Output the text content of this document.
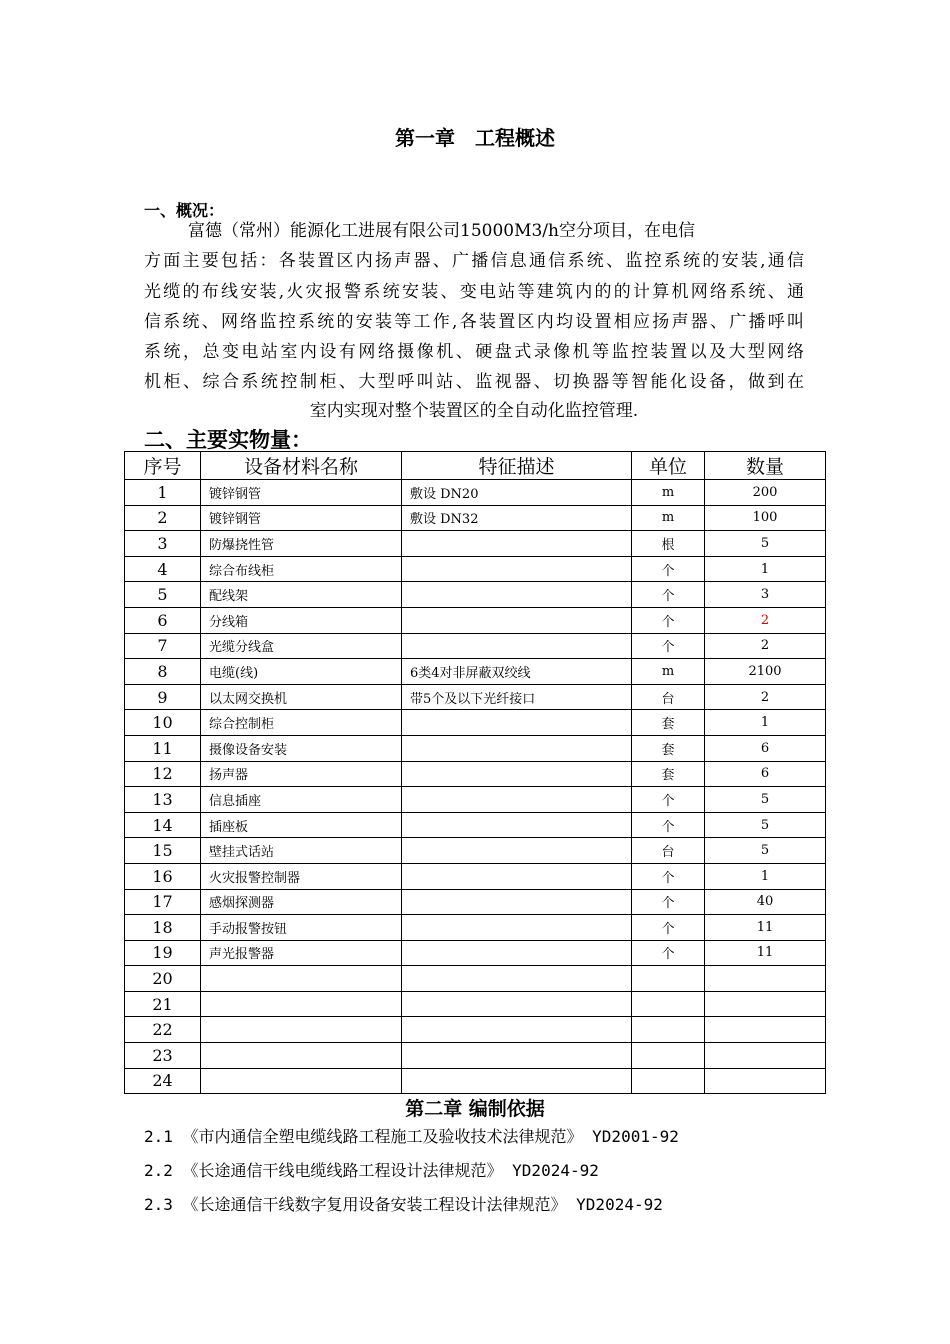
第一章　工程概述
一、概况：
富德（常州）能源化工进展有限公司15000M3/h空分项目，在电信
方面主要包括：各装置区内扬声器、广播信息通信系统、监控系统的安装,通信
光缆的布线安装,火灾报警系统安装、变电站等建筑内的的计算机网络系统、通
信系统、网络监控系统的安装等工作,各装置区内均设置相应扬声器、广播呼叫
系统，总变电站室内设有网络摄像机、硬盘式录像机等监控装置以及大型网络
机柜、综合系统控制柜、大型呼叫站、监视器、切换器等智能化设备，做到在
室内实现对整个装置区的全自动化监控管理.
二、主要实物量：
序号	设备材料名称	特征描述	单位	数量
1	镀锌钢管	敷设 DN20	m	200
2	镀锌钢管	敷设 DN32	m	100
3	防爆挠性管		根	5
4	综合布线柜		个	1
5	配线架		个	3
6	分线箱		个	2
7	光缆分线盒		个	2
8	电缆(线)	6类4对非屏蔽双绞线	m	2100
9	以太网交换机	带5个及以下光纤接口	台	2
10	综合控制柜		套	1
11	摄像设备安装		套	6
12	扬声器		套	6
13	信息插座		个	5
14	插座板		个	5
15	壁挂式话站		台	5
16	火灾报警控制器		个	1
17	感烟探测器		个	40
18	手动报警按钮		个	11
19	声光报警器		个	11
20				
21				
22				
23				
24				
第二章 编制依据
2.1 《市内通信全塑电缆线路工程施工及验收技术法律规范》 YD2001-92
2.2 《长途通信干线电缆线路工程设计法律规范》 YD2024-92
2.3 《长途通信干线数字复用设备安装工程设计法律规范》 YD2024-92
